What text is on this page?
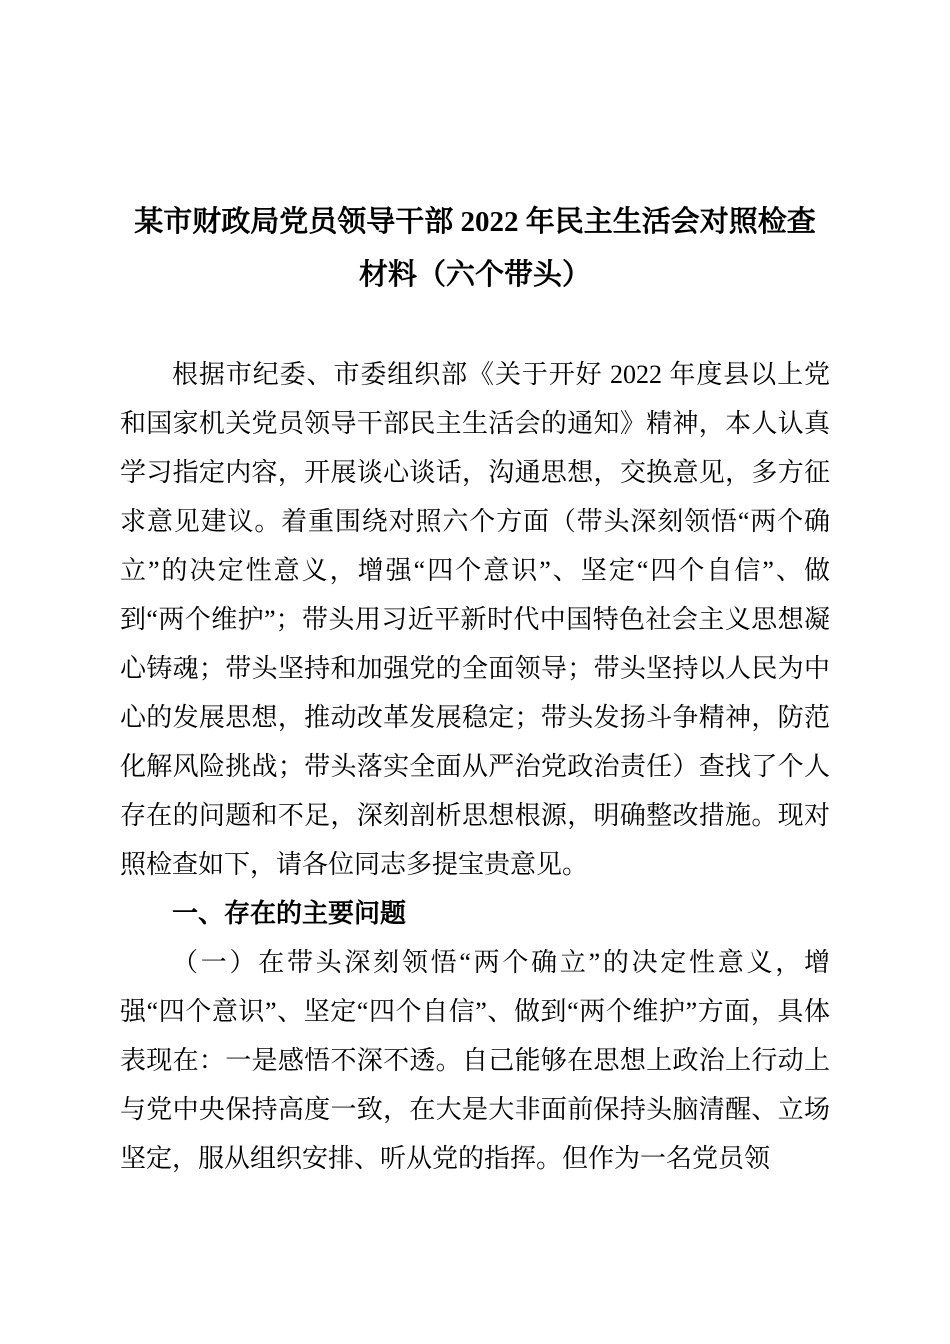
某市财政局党员领导干部 2022 年民主生活会对照检查材料（六个带头）

根据市纪委、市委组织部《关于开好 2022 年度县以上党和国家机关党员领导干部民主生活会的通知》精神，本人认真学习指定内容，开展谈心谈话，沟通思想，交换意见，多方征求意见建议。着重围绕对照六个方面（带头深刻领悟“两个确立”的决定性意义，增强“四个意识”、坚定“四个自信”、做到“两个维护”；带头用习近平新时代中国特色社会主义思想凝心铸魂；带头坚持和加强党的全面领导；带头坚持以人民为中心的发展思想，推动改革发展稳定；带头发扬斗争精神，防范化解风险挑战；带头落实全面从严治党政治责任）查找了个人存在的问题和不足，深刻剖析思想根源，明确整改措施。现对照检查如下，请各位同志多提宝贵意见。

一、存在的主要问题

（一）在带头深刻领悟“两个确立”的决定性意义，增强“四个意识”、坚定“四个自信”、做到“两个维护”方面，具体表现在：一是感悟不深不透。自己能够在思想上政治上行动上与党中央保持高度一致，在大是大非面前保持头脑清醒、立场坚定，服从组织安排、听从党的指挥。但作为一名党员领
